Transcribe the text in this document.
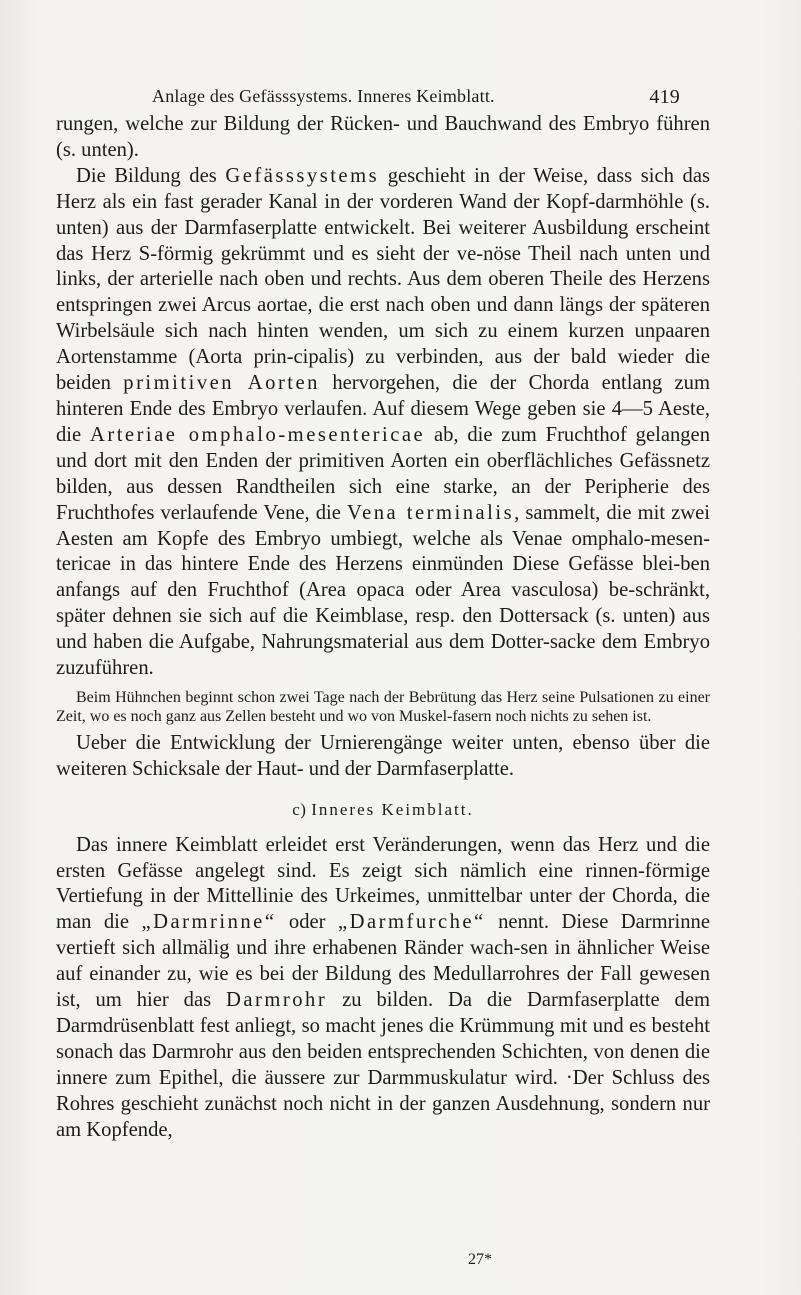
Anlage des Gefässsystems. Inneres Keimblatt.	419

rungen, welche zur Bildung der Rücken- und Bauchwand des Embryo führen (s. unten).

Die Bildung des Gefässsystems geschieht in der Weise, dass sich das Herz als ein fast gerader Kanal in der vorderen Wand der Kopf-darmhöhle (s. unten) aus der Darmfaserplatte entwickelt. Bei weiterer Ausbildung erscheint das Herz S-förmig gekrümmt und es sieht der ve-nöse Theil nach unten und links, der arterielle nach oben und rechts. Aus dem oberen Theile des Herzens entspringen zwei Arcus aortae, die erst nach oben und dann längs der späteren Wirbelsäule sich nach hinten wenden, um sich zu einem kurzen unpaaren Aortenstamme (Aorta prin-cipalis) zu verbinden, aus der bald wieder die beiden primitiven Aorten hervorgehen, die der Chorda entlang zum hinteren Ende des Embryo verlaufen. Auf diesem Wege geben sie 4—5 Aeste, die Arteriae omphalo-mesentericae ab, die zum Fruchthof gelangen und dort mit den Enden der primitiven Aorten ein oberflächliches Gefässnetz bilden, aus dessen Randtheilen sich eine starke, an der Peripherie des Fruchthofes verlaufende Vene, die Vena terminalis, sammelt, die mit zwei Aesten am Kopfe des Embryo umbiegt, welche als Venae omphalo-mesen-tericae in das hintere Ende des Herzens einmünden Diese Gefässe blei-ben anfangs auf den Fruchthof (Area opaca oder Area vasculosa) be-schränkt, später dehnen sie sich auf die Keimblase, resp. den Dottersack (s. unten) aus und haben die Aufgabe, Nahrungsmaterial aus dem Dotter-sacke dem Embryo zuzuführen.

Beim Hühnchen beginnt schon zwei Tage nach der Bebrütung das Herz seine Pulsationen zu einer Zeit, wo es noch ganz aus Zellen besteht und wo von Muskel-fasern noch nichts zu sehen ist.

Ueber die Entwicklung der Urnierengänge weiter unten, ebenso über die weiteren Schicksale der Haut- und der Darmfaserplatte.

c) Inneres Keimblatt.

Das innere Keimblatt erleidet erst Veränderungen, wenn das Herz und die ersten Gefässe angelegt sind. Es zeigt sich nämlich eine rinnen-förmige Vertiefung in der Mittellinie des Urkeimes, unmittelbar unter der Chorda, die man die „Darmrinne“ oder „Darmfurche“ nennt. Diese Darmrinne vertieft sich allmälig und ihre erhabenen Ränder wach-sen in ähnlicher Weise auf einander zu, wie es bei der Bildung des Medullarrohres der Fall gewesen ist, um hier das Darmrohr zu bilden. Da die Darmfaserplatte dem Darmdrüsenblatt fest anliegt, so macht jenes die Krümmung mit und es besteht sonach das Darmrohr aus den beiden entsprechenden Schichten, von denen die innere zum Epithel, die äussere zur Darmmuskulatur wird. ·Der Schluss des Rohres geschieht zunächst noch nicht in der ganzen Ausdehnung, sondern nur am Kopfende,

27*
